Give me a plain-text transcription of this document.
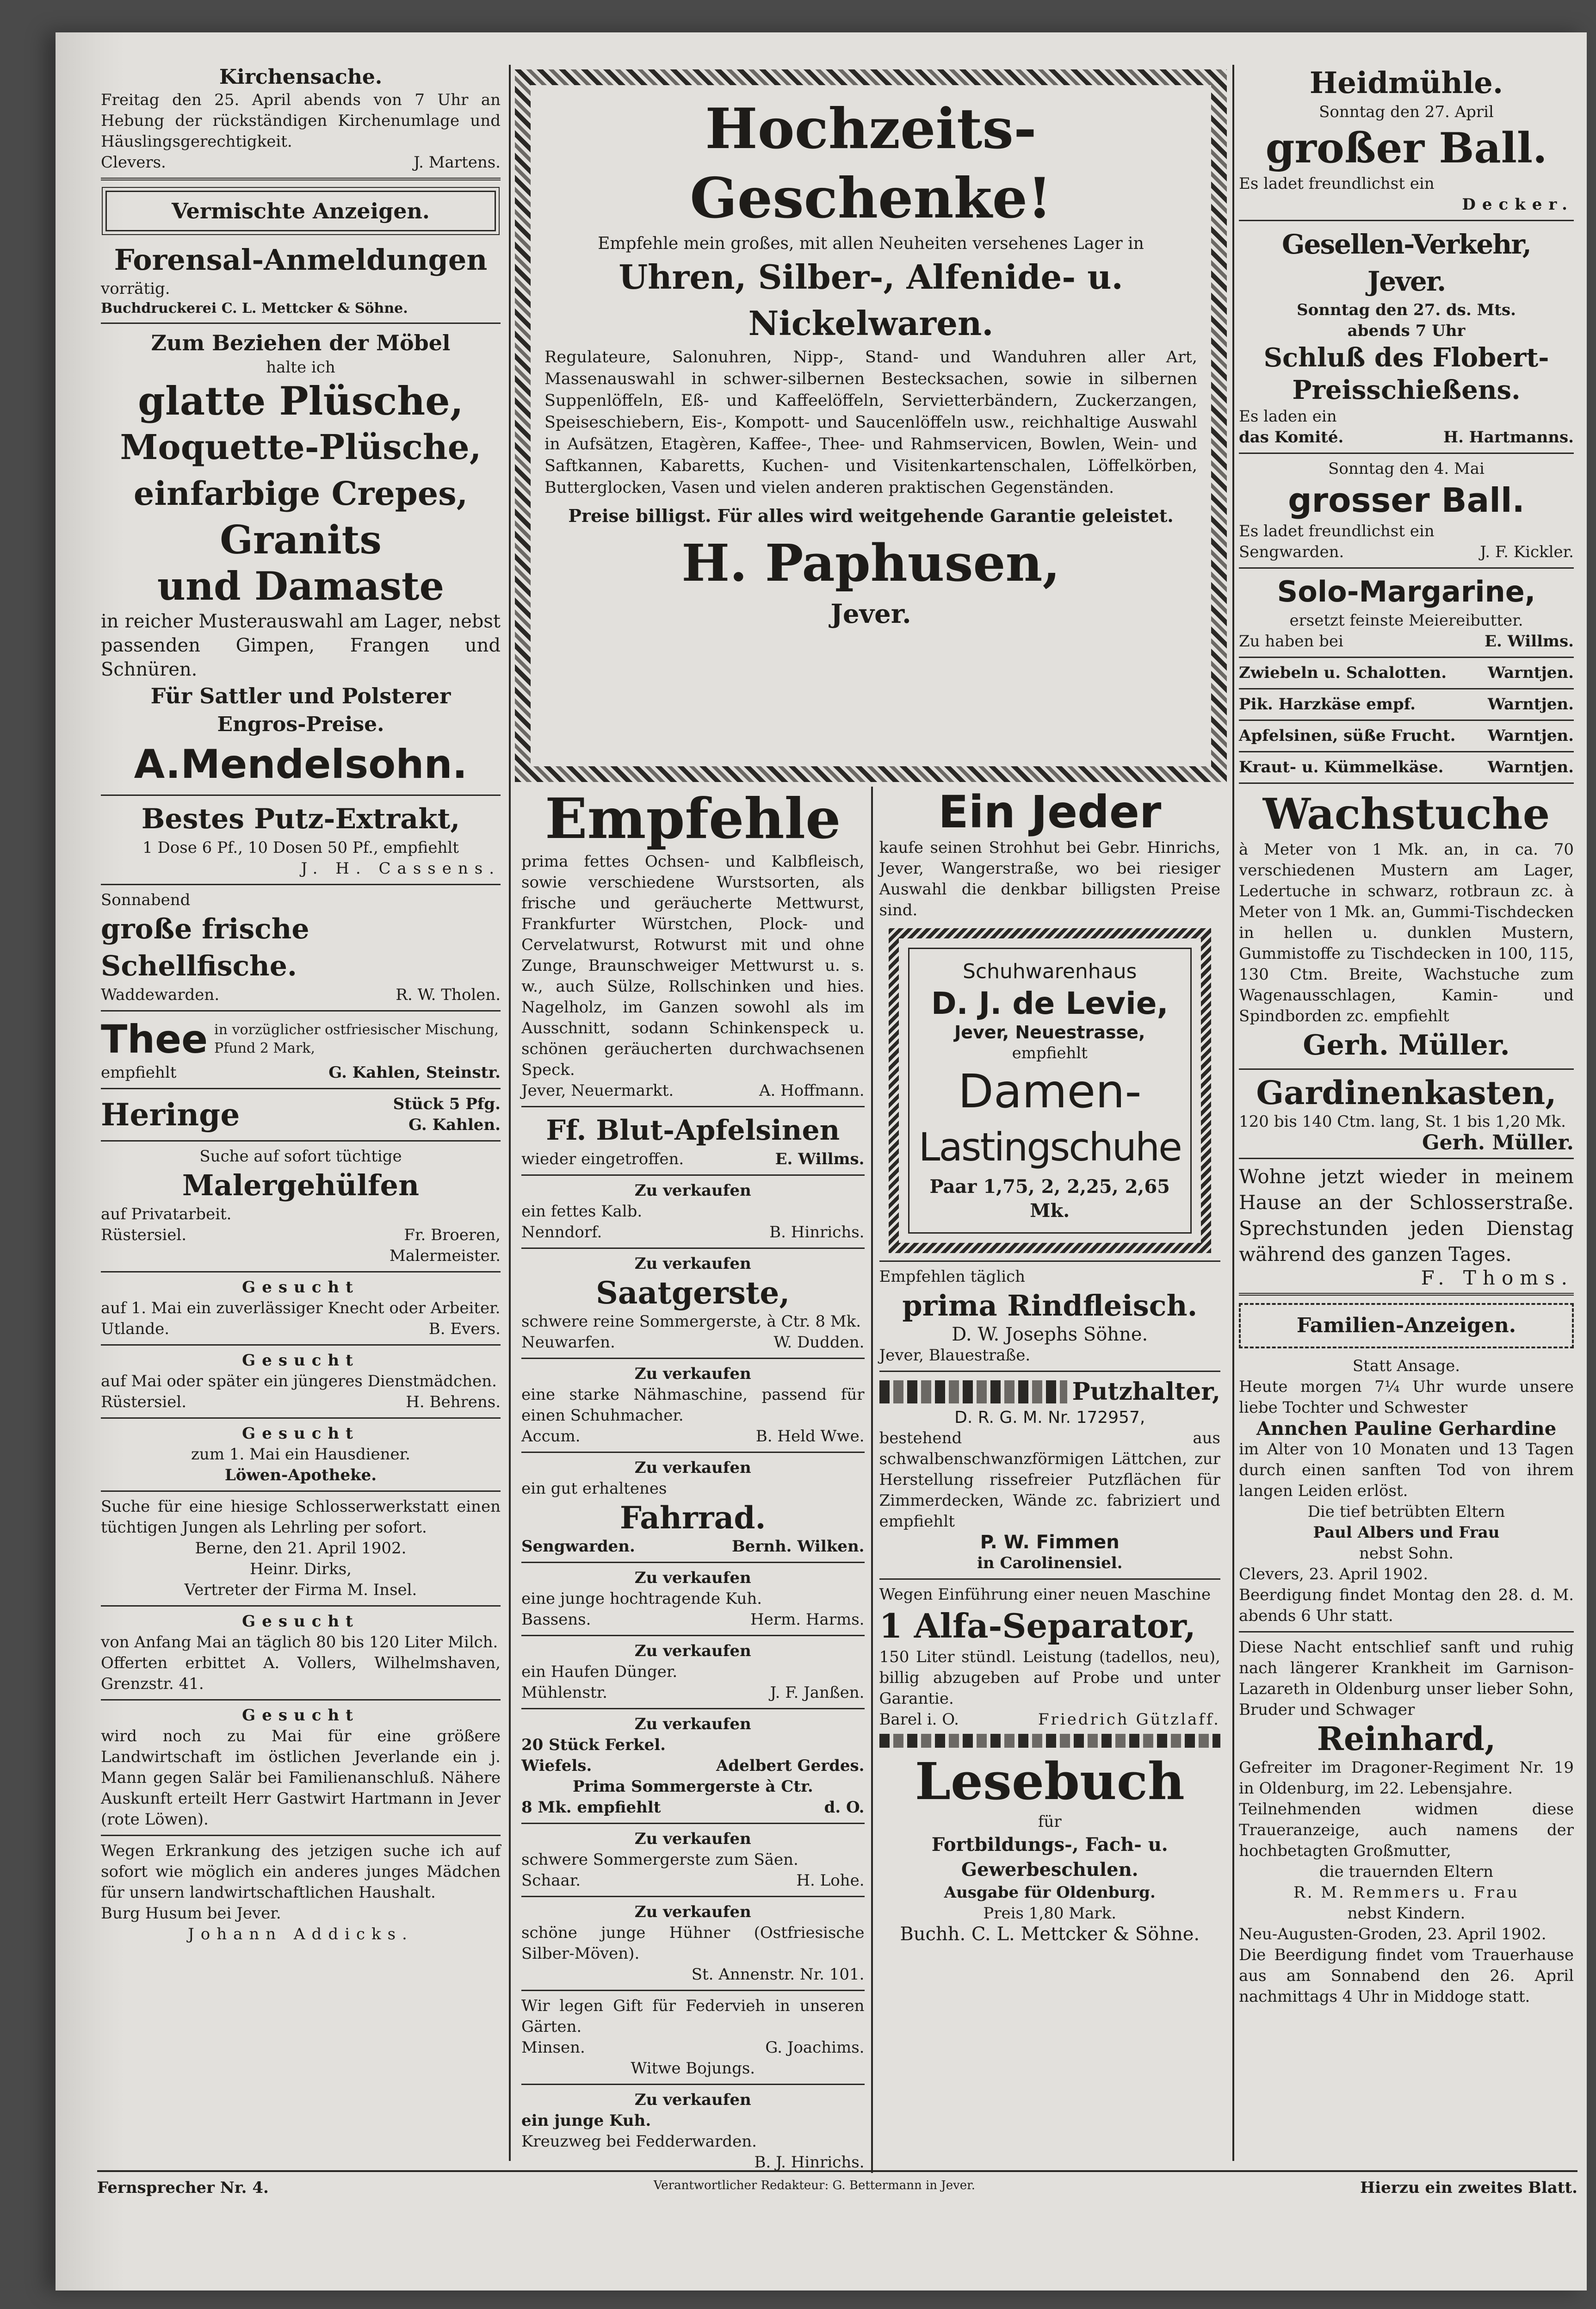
Kirchensache.

Freitag den 25. April abends von 7 Uhr an Hebung der rückständigen Kirchenumlage und Häuslingsgerechtigkeit.

Clevers.	J. Martens.
Vermischte Anzeigen.
Forensal-Anmeldungen

vorrätig.

Buchdruckerei C. L. Mettcker & Söhne.

Zum Beziehen der Möbel

halte ich

glatte Plüsche,
Moquette-Plüsche,
einfarbige Crepes,
Granits
und Damaste

in reicher Musterauswahl am Lager, nebst passenden Gimpen, Frangen und Schnüren.

Für Sattler und Polsterer
Engros-Preise.
A.Mendelsohn.
Bestes Putz-Extrakt,

1 Dose 6 Pf., 10 Dosen 50 Pf., empfiehlt

J. H. Cassens.

Sonnabend

große frische Schellfische.
Waddewarden.	R. W. Tholen.
Thee in vorzüglicher ostfriesischer Mischung, Pfund 2 Mark,
empfiehlt	G. Kahlen, Steinstr.
Heringe	Stück 5 Pfg.
G. Kahlen.

Suche auf sofort tüchtige

Malergehülfen

auf Privatarbeit.

Rüstersiel.	Fr. Broeren,

Malermeister.

Gesucht

auf 1. Mai ein zuverlässiger Knecht oder Arbeiter.

Utlande.	B. Evers.

Gesucht

auf Mai oder später ein jüngeres Dienstmädchen.

Rüstersiel.	H. Behrens.

Gesucht

zum 1. Mai ein Hausdiener.

Löwen-Apotheke.

Suche für eine hiesige Schlosserwerkstatt einen tüchtigen Jungen als Lehrling per sofort.

Berne, den 21. April 1902.

Heinr. Dirks,

Vertreter der Firma M. Insel.

Gesucht

von Anfang Mai an täglich 80 bis 120 Liter Milch.

Offerten erbittet A. Vollers, Wilhelmshaven, Grenzstr. 41.

Gesucht

wird noch zu Mai für eine größere Landwirtschaft im östlichen Jeverlande ein j. Mann gegen Salär bei Familienanschluß. Nähere Auskunft erteilt Herr Gastwirt Hartmann in Jever (rote Löwen).

Wegen Erkrankung des jetzigen suche ich auf sofort wie möglich ein anderes junges Mädchen für unsern landwirtschaftlichen Haushalt.

Burg Husum bei Jever.

Johann Addicks.

Hochzeits-Geschenke!

Empfehle mein großes, mit allen Neuheiten versehenes Lager in

Uhren, Silber-, Alfenide- u. Nickelwaren.

Regulateure, Salonuhren, Nipp-, Stand- und Wanduhren aller Art, Massenauswahl in schwer-silbernen Bestecksachen, sowie in silbernen Suppenlöffeln, Eß- und Kaffeelöffeln, Servietterbändern, Zuckerzangen, Speiseschiebern, Eis-, Kompott- und Saucenlöffeln usw., reichhaltige Auswahl in Aufsätzen, Etagèren, Kaffee-, Thee- und Rahmservicen, Bowlen, Wein- und Saftkannen, Kabaretts, Kuchen- und Visitenkartenschalen, Löffelkörben, Butterglocken, Vasen und vielen anderen praktischen Gegenständen.

Preise billigst. Für alles wird weitgehende Garantie geleistet.

H. Paphusen,
Jever.
Empfehle

prima fettes Ochsen- und Kalbfleisch, sowie verschiedene Wurstsorten, als frische und geräucherte Mettwurst, Frankfurter Würstchen, Plock- und Cervelatwurst, Rotwurst mit und ohne Zunge, Braunschweiger Mettwurst u. s. w., auch Sülze, Rollschinken und hies. Nagelholz, im Ganzen sowohl als im Ausschnitt, sodann Schinkenspeck u. schönen geräucherten durchwachsenen Speck.

Jever, Neuermarkt.	A. Hoffmann.
Ff. Blut-Apfelsinen
wieder eingetroffen.	E. Willms.

Zu verkaufen

ein fettes Kalb.

Nenndorf.	B. Hinrichs.

Zu verkaufen

Saatgerste,

schwere reine Sommergerste, à Ctr. 8 Mk.

Neuwarfen.	W. Dudden.

Zu verkaufen

eine starke Nähmaschine, passend für einen Schuhmacher.

Accum.	B. Held Wwe.

Zu verkaufen

ein gut erhaltenes

Fahrrad.
Sengwarden.	Bernh. Wilken.

Zu verkaufen

eine junge hochtragende Kuh.

Bassens.	Herm. Harms.

Zu verkaufen

ein Haufen Dünger.

Mühlenstr.	J. F. Janßen.

Zu verkaufen

20 Stück Ferkel.

Wiefels.	Adelbert Gerdes.

Prima Sommergerste à Ctr.

8 Mk. empfiehlt	d. O.

Zu verkaufen

schwere Sommergerste zum Säen.

Schaar.	H. Lohe.

Zu verkaufen

schöne junge Hühner (Ostfriesische Silber-Möven).

St. Annenstr. Nr. 101.

Wir legen Gift für Federvieh in unseren Gärten.

Minsen.	G. Joachims.

Witwe Bojungs.

Zu verkaufen

ein junge Kuh.

Kreuzweg bei Fedderwarden.

B. J. Hinrichs.

Ein Jeder

kaufe seinen Strohhut bei Gebr. Hinrichs, Jever, Wangerstraße, wo bei riesiger Auswahl die denkbar billigsten Preise sind.

Schuhwarenhaus

D. J. de Levie,

Jever, Neuestrasse,

empfiehlt

Damen-
Lastingschuhe

Paar 1,75, 2, 2,25, 2,65 Mk.

Empfehlen täglich

prima Rindfleisch.

D. W. Josephs Söhne.

Jever, Blauestraße.

Putzhalter,

D. R. G. M. Nr. 172957,

bestehend aus schwalbenschwanzförmigen Lättchen, zur Herstellung rissefreier Putzflächen für Zimmerdecken, Wände zc. fabriziert und empfiehlt

P. W. Fimmen

in Carolinensiel.

Wegen Einführung einer neuen Maschine

1 Alfa-Separator,

150 Liter stündl. Leistung (tadellos, neu), billig abzugeben auf Probe und unter Garantie.

Barel i. O.	Friedrich Gützlaff.
Lesebuch

für

Fortbildungs-, Fach- u. Gewerbeschulen.

Ausgabe für Oldenburg.

Preis 1,80 Mark.

Buchh. C. L. Mettcker & Söhne.

Heidmühle.

Sonntag den 27. April

großer Ball.

Es ladet freundlichst ein

Decker.

Gesellen-Verkehr, Jever.

Sonntag den 27. ds. Mts.

abends 7 Uhr

Schluß des Flobert-Preisschießens.

Es laden ein

das Komité.	H. Hartmanns.

Sonntag den 4. Mai

grosser Ball.

Es ladet freundlichst ein

Sengwarden.	J. F. Kickler.
Solo-Margarine,

ersetzt feinste Meiereibutter.

Zu haben bei	E. Willms.
Zwiebeln u. Schalotten.	Warntjen.
Pik. Harzkäse empf.	Warntjen.
Apfelsinen, süße Frucht. Warntjen.
Kraut- u. Kümmelkäse.	Warntjen.
Wachstuche

à Meter von 1 Mk. an, in ca. 70 verschiedenen Mustern am Lager, Ledertuche in schwarz, rotbraun zc. à Meter von 1 Mk. an, Gummi-Tischdecken in hellen u. dunklen Mustern, Gummistoffe zu Tischdecken in 100, 115, 130 Ctm. Breite, Wachstuche zum Wagenausschlagen, Kamin- und Spindborden zc. empfiehlt

Gerh. Müller.
Gardinenkasten,

120 bis 140 Ctm. lang, St. 1 bis 1,20 Mk.

Gerh. Müller.

Wohne jetzt wieder in meinem Hause an der Schlosserstraße. Sprechstunden jeden Dienstag während des ganzen Tages.

F. Thoms.

Familien-Anzeigen.

Statt Ansage.

Heute morgen 7¼ Uhr wurde unsere liebe Tochter und Schwester

Annchen Pauline Gerhardine

im Alter von 10 Monaten und 13 Tagen durch einen sanften Tod von ihrem langen Leiden erlöst.

Die tief betrübten Eltern

Paul Albers und Frau

nebst Sohn.

Clevers, 23. April 1902.

Beerdigung findet Montag den 28. d. M. abends 6 Uhr statt.

Diese Nacht entschlief sanft und ruhig nach längerer Krankheit im Garnison-Lazareth in Oldenburg unser lieber Sohn, Bruder und Schwager

Reinhard,

Gefreiter im Dragoner-Regiment Nr. 19 in Oldenburg, im 22. Lebensjahre.

Teilnehmenden widmen diese Traueranzeige, auch namens der hochbetagten Großmutter,

die trauernden Eltern

R. M. Remmers u. Frau

nebst Kindern.

Neu-Augusten-Groden, 23. April 1902.

Die Beerdigung findet vom Trauerhause aus am Sonnabend den 26. April nachmittags 4 Uhr in Middoge statt.

Fernsprecher Nr. 4.	Verantwortlicher Redakteur: G. Bettermann in Jever.	Hierzu ein zweites Blatt.
